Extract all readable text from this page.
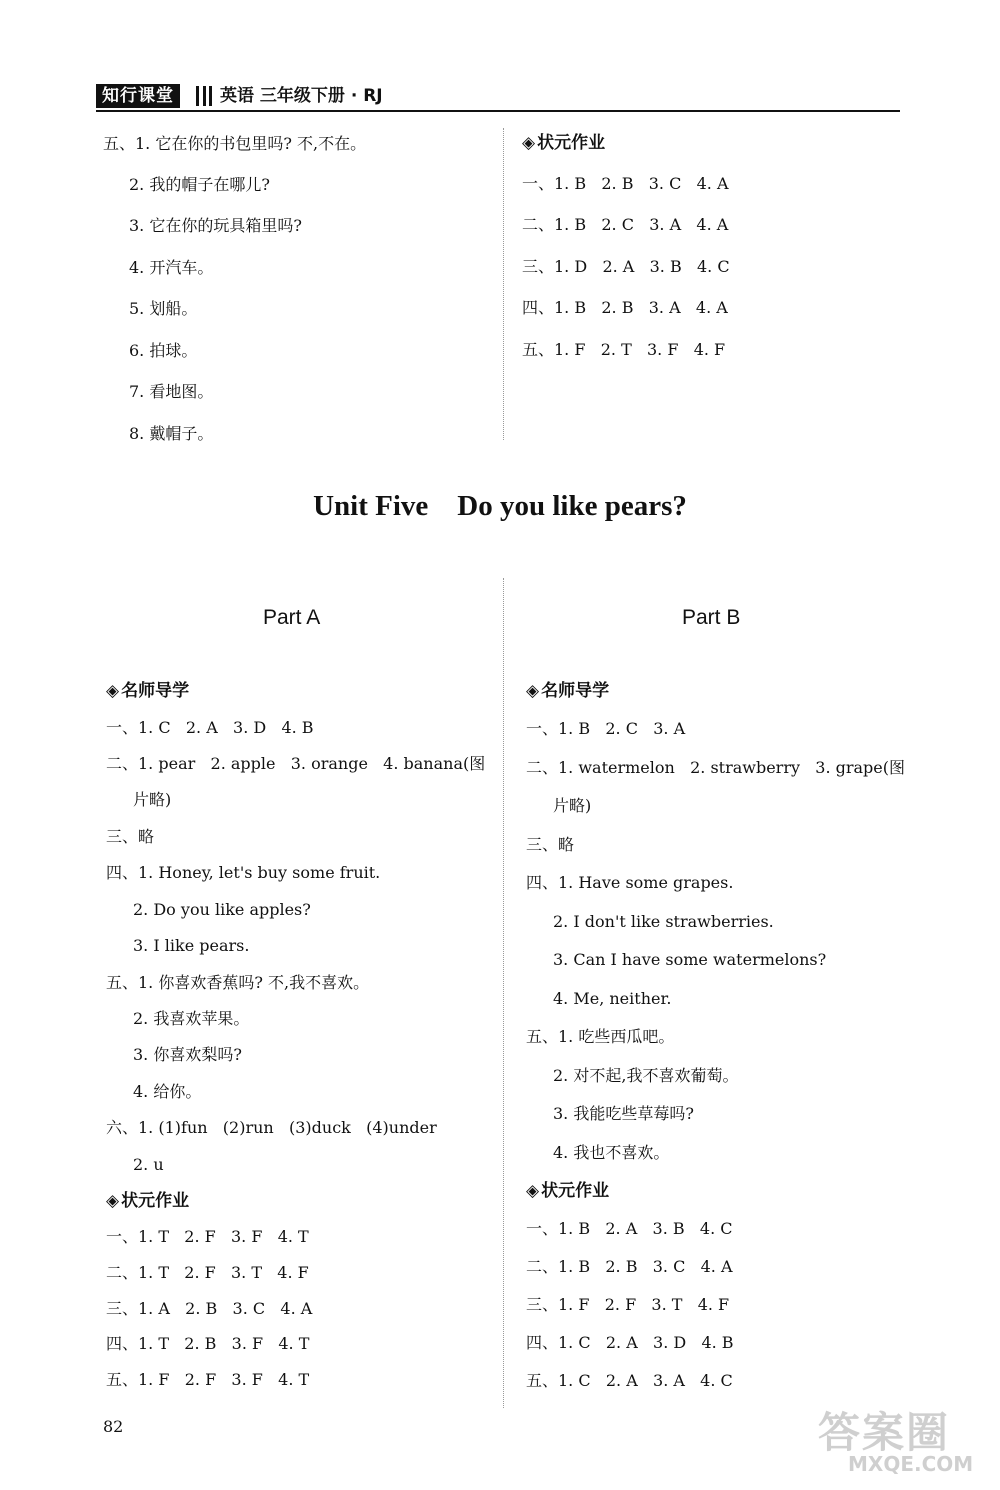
知行课堂	英语 三年级下册 · RJ
五、1. 它在你的书包里吗? 不,不在。
2. 我的帽子在哪儿?
3. 它在你的玩具箱里吗?
4. 开汽车。
5. 划船。
6. 拍球。
7. 看地图。
8. 戴帽子。
◈ 状元作业
一、1. B   2. B   3. C   4. A
二、1. B   2. C   3. A   4. A
三、1. D   2. A   3. B   4. C
四、1. B   2. B   3. A   4. A
五、1. F   2. T   3. F   4. F
Unit Five    Do you like pears?
Part A
◈ 名师导学
一、1. C   2. A   3. D   4. B
二、1. pear   2. apple   3. orange   4. banana(图
片略)
三、略
四、1. Honey, let's buy some fruit.
2. Do you like apples?
3. I like pears.
五、1. 你喜欢香蕉吗? 不,我不喜欢。
2. 我喜欢苹果。
3. 你喜欢梨吗?
4. 给你。
六、1. (1)fun   (2)run   (3)duck   (4)under
2. u
◈ 状元作业
一、1. T   2. F   3. F   4. T
二、1. T   2. F   3. T   4. F
三、1. A   2. B   3. C   4. A
四、1. T   2. B   3. F   4. T
五、1. F   2. F   3. F   4. T
Part B
◈ 名师导学
一、1. B   2. C   3. A
二、1. watermelon   2. strawberry   3. grape(图
片略)
三、略
四、1. Have some grapes.
2. I don't like strawberries.
3. Can I have some watermelons?
4. Me, neither.
五、1. 吃些西瓜吧。
2. 对不起,我不喜欢葡萄。
3. 我能吃些草莓吗?
4. 我也不喜欢。
◈ 状元作业
一、1. B   2. A   3. B   4. C
二、1. B   2. B   3. C   4. A
三、1. F   2. F   3. T   4. F
四、1. C   2. A   3. D   4. B
五、1. C   2. A   3. A   4. C
82	答案圈
MXQE.COM
